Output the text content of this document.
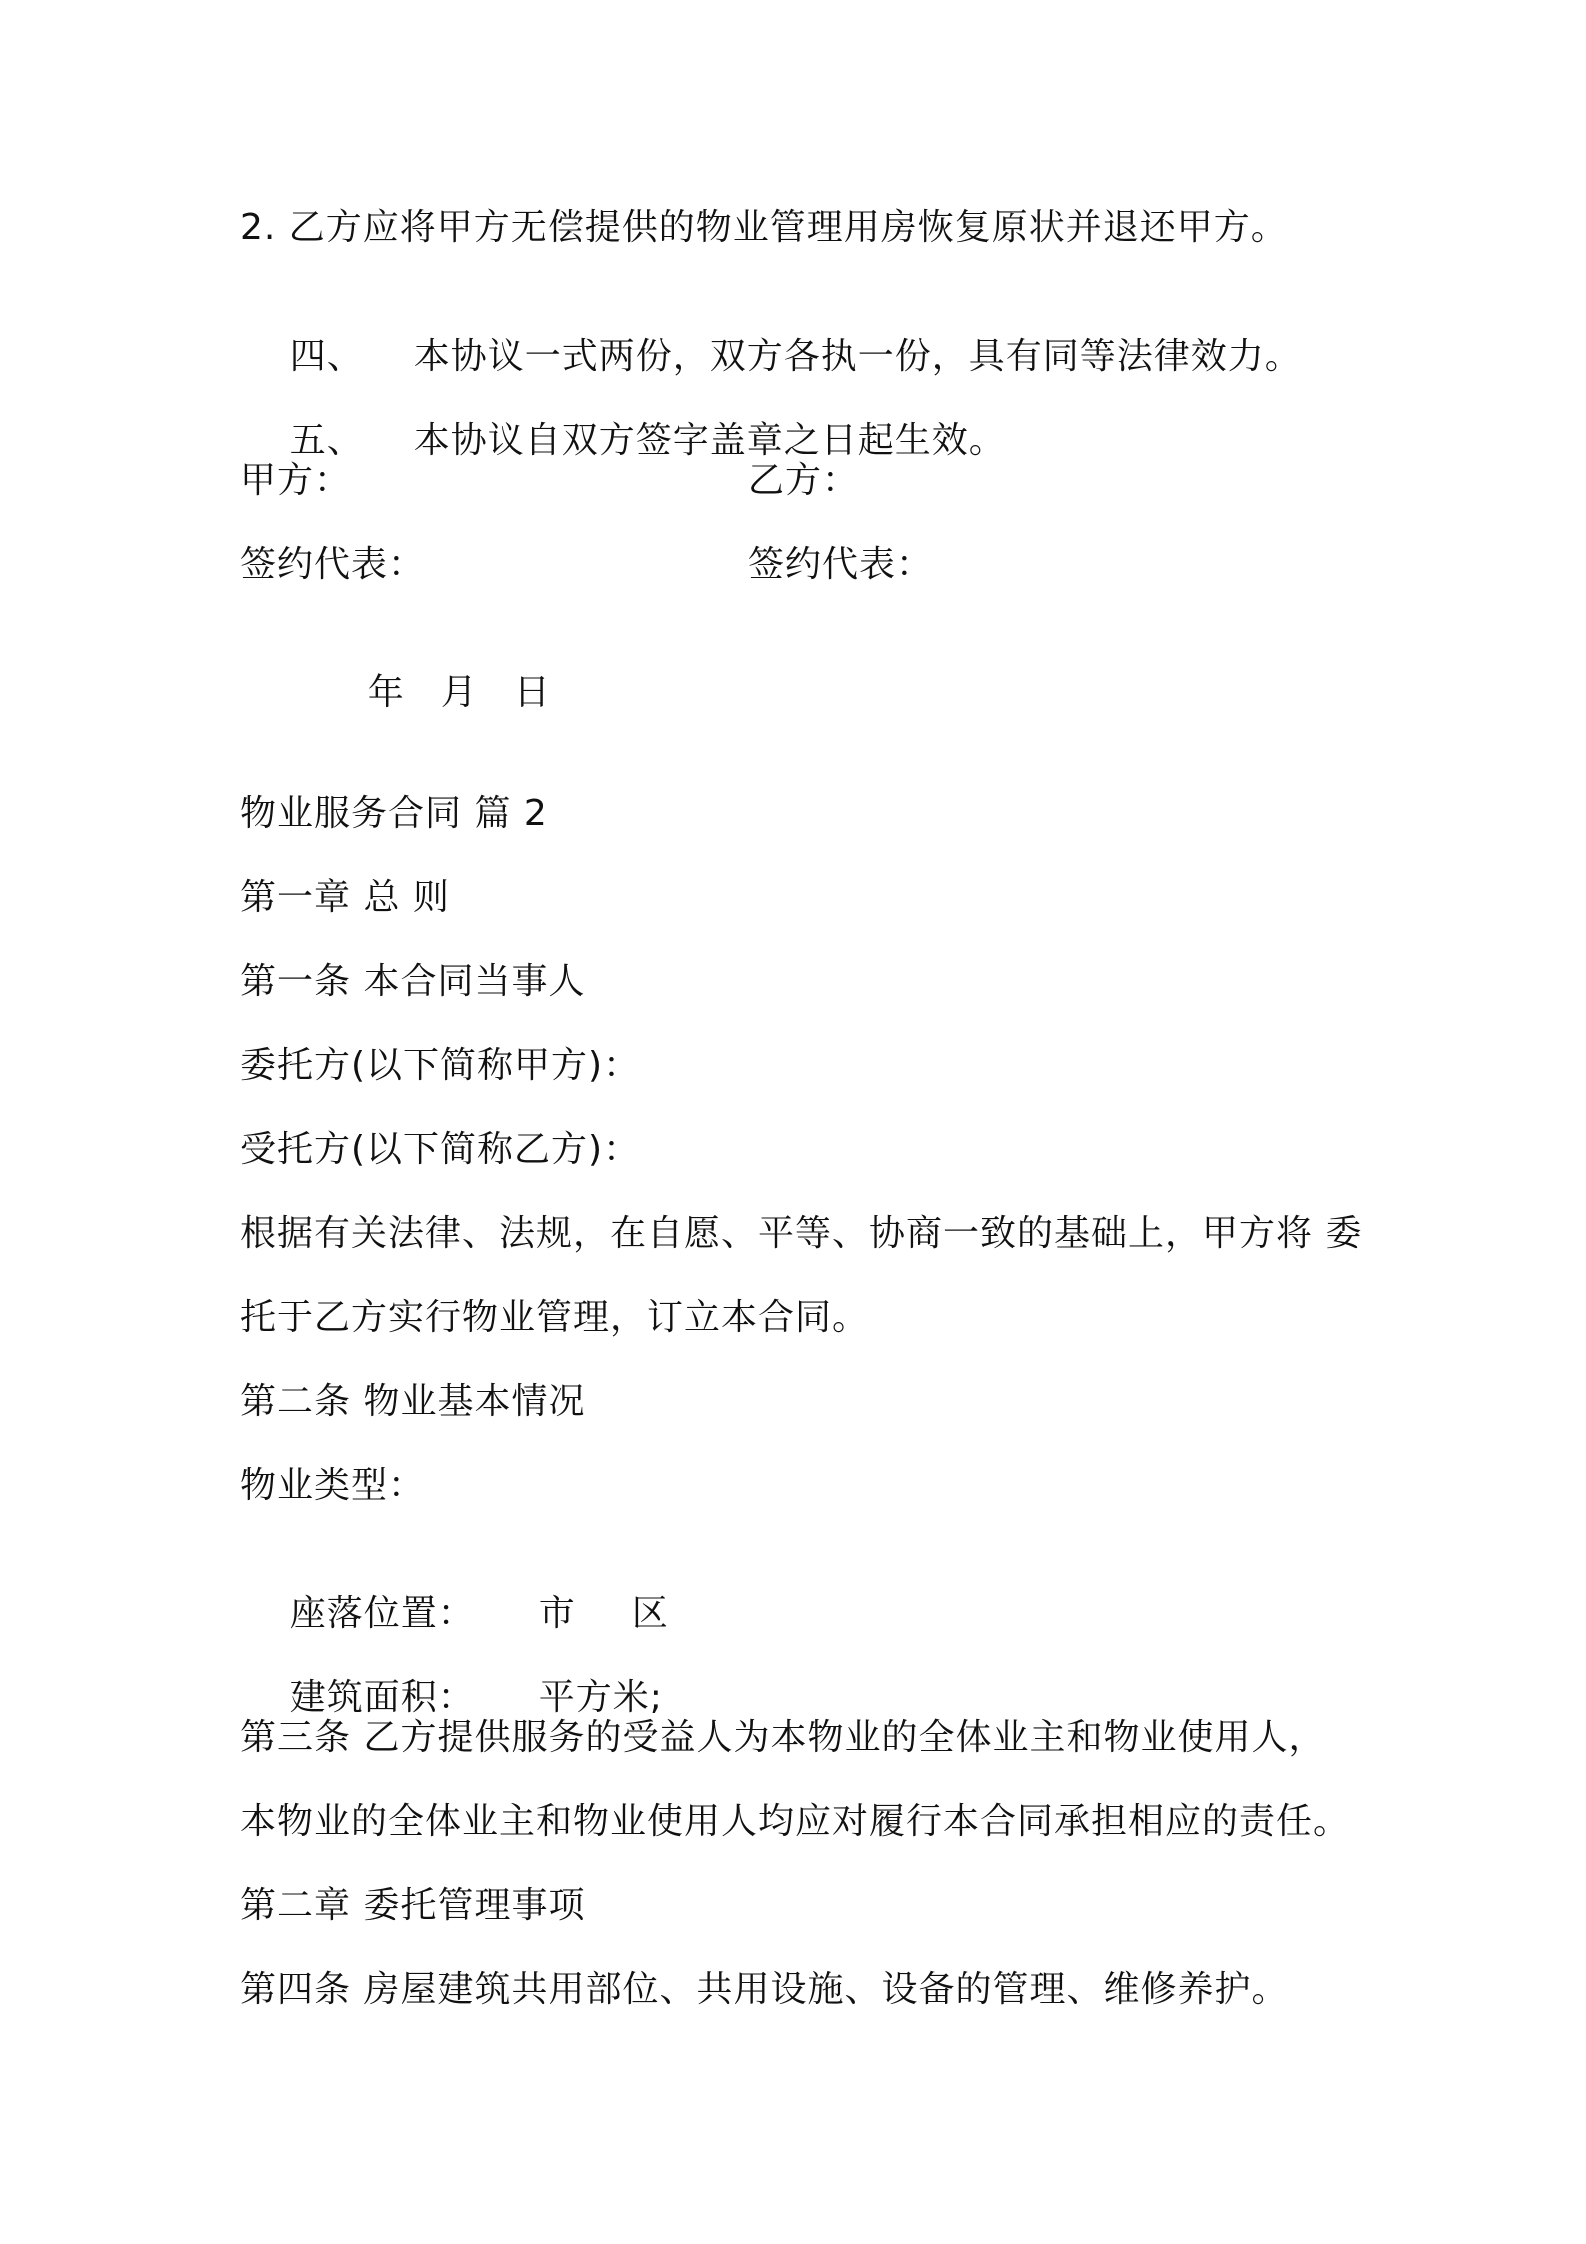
2. 乙方应将甲方无偿提供的物业管理用房恢复原状并退还甲方。

四、 本协议一式两份，双方各执一份，具有同等法律效力。

五、 本协议自双方签字盖章之日起生效。

甲方：	乙方：
签约代表：	签约代表：

年 月 日

物业服务合同 篇 2
第一章 总 则
第一条 本合同当事人
委托方(以下简称甲方)：
受托方(以下简称乙方)：
根据有关法律、法规，在自愿、平等、协商一致的基础上，甲方将 委
托于乙方实行物业管理，订立本合同。
第二条 物业基本情况
物业类型：

座落位置： 市 区

建筑面积： 平方米;

第三条 乙方提供服务的受益人为本物业的全体业主和物业使用人，
本物业的全体业主和物业使用人均应对履行本合同承担相应的责任。
第二章 委托管理事项
第四条 房屋建筑共用部位、共用设施、设备的管理、维修养护。
